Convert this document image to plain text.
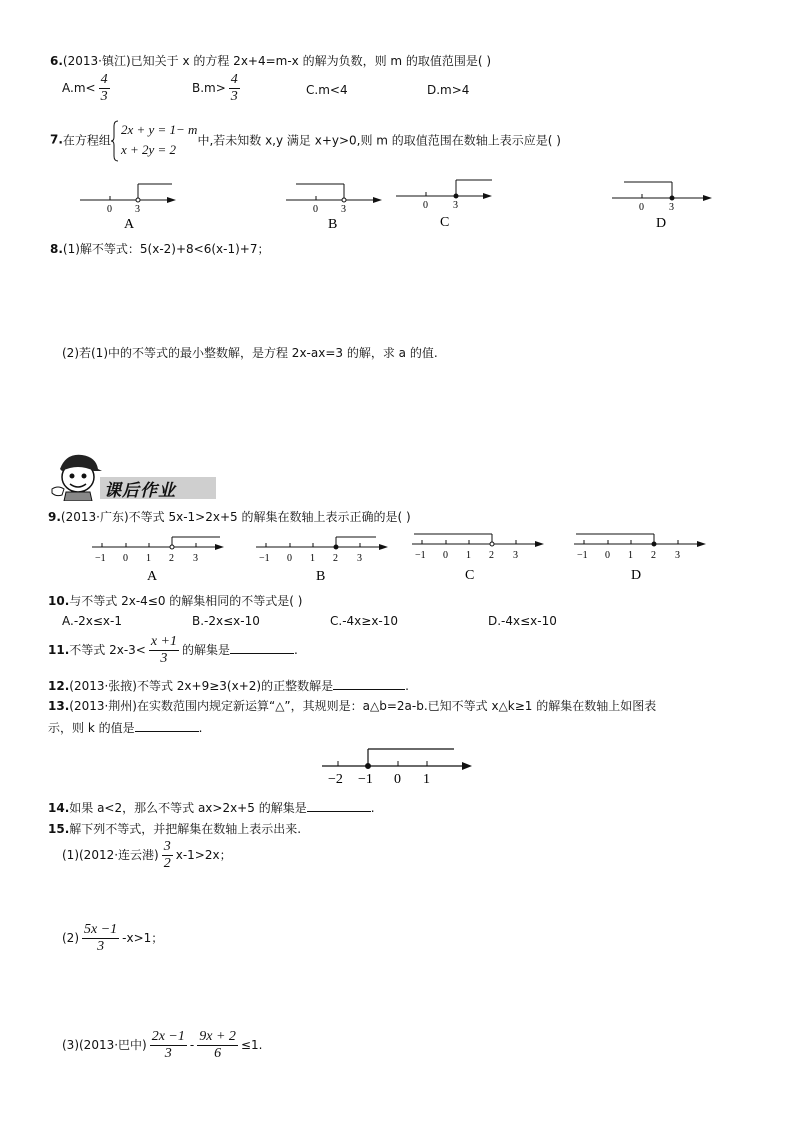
6.(2013·镇江)已知关于 x 的方程 2x+4=m-x 的解为负数，则 m 的取值范围是( )
$A.m< \frac{4}{3}$	$B.m> \frac{4}{3}$	C.m<4	D.m>4
7.在方程组
2x + y = 1− m
x + 2y = 2
中,若未知数 x,y 满足 x+y>0,则 m 的取值范围在数轴上表示应是( )
0 3
A
0 3
B
0	3
C
0	3
D
8.(1)解不等式：5(x-2)+8<6(x-1)+7；
(2)若(1)中的不等式的最小整数解，是方程 2x-ax=3 的解，求 a 的值.
课后作业
9.(2013·广东)不等式 5x-1>2x+5 的解集在数轴上表示正确的是( )
−1 0 1 2 3
A
−1 0 1 2 3
B
−1 0 1 2 3
C
−1 0 1 2 3
D
10.与不等式 2x-4≤0 的解集相同的不等式是( )
A.-2x≤x-1	B.-2x≤x-10	C.-4x≥x-10	D.-4x≤x-10
11.不等式 $2x-3< \frac{x +1}{3}$ 的解集是	.
12.(2013·张掖)不等式 2x+9≥3(x+2)的正整数解是	.
13.(2013·荆州)在实数范围内规定新运算“△”，其规则是：a△b=2a-b.已知不等式 x△k≥1 的解集在数轴上如图表
示，则 k 的值是	.
−2 −1 0 1
14.如果 a<2，那么不等式 ax>2x+5 的解集是	.
15.解下列不等式，并把解集在数轴上表示出来.
(1)(2012·连云港) $\frac{3}{2} x-1>2x$；
$(2) \frac{5x -1}{3} -x>1$；
(3)(2013·巴中) $\frac{2x -1}{3} - \frac{9x + 2}{6} \le 1$.
